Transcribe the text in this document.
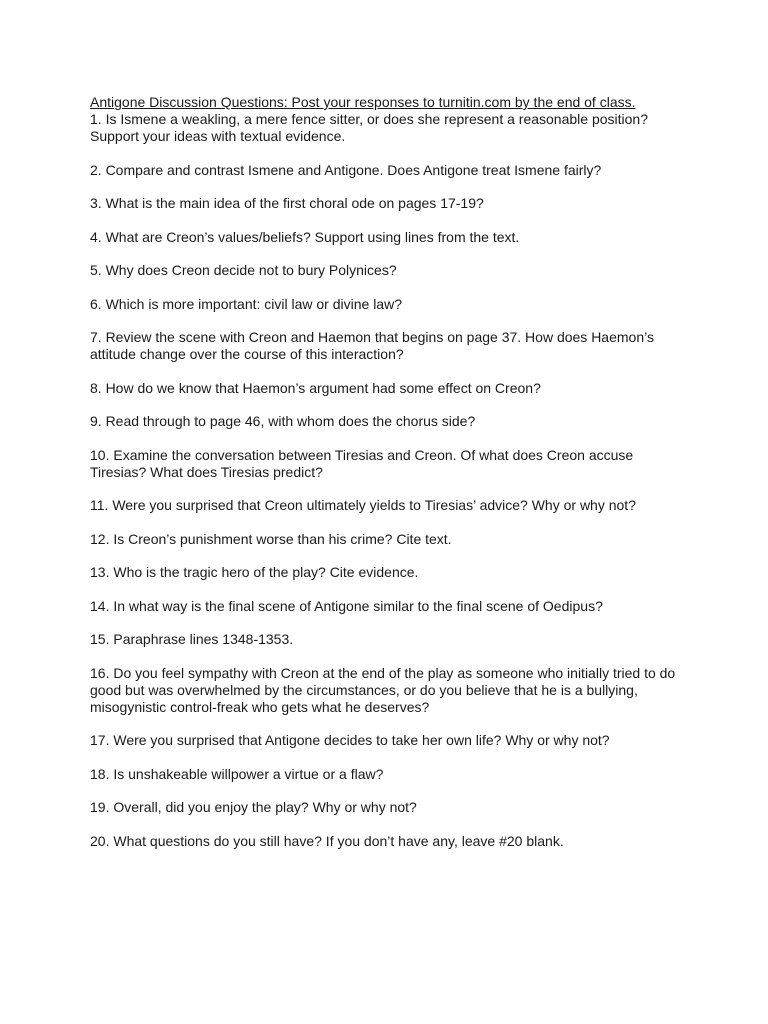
Antigone Discussion Questions: Post your responses to turnitin.com by the end of class.
1. Is Ismene a weakling, a mere fence sitter, or does she represent a reasonable position? Support your ideas with textual evidence.
2. Compare and contrast Ismene and Antigone. Does Antigone treat Ismene fairly?
3. What is the main idea of the first choral ode on pages 17-19?
4. What are Creon’s values/beliefs? Support using lines from the text.
5. Why does Creon decide not to bury Polynices?
6. Which is more important: civil law or divine law?
7. Review the scene with Creon and Haemon that begins on page 37. How does Haemon’s attitude change over the course of this interaction?
8. How do we know that Haemon’s argument had some effect on Creon?
9. Read through to page 46, with whom does the chorus side?
10. Examine the conversation between Tiresias and Creon. Of what does Creon accuse Tiresias? What does Tiresias predict?
11. Were you surprised that Creon ultimately yields to Tiresias’ advice? Why or why not?
12. Is Creon’s punishment worse than his crime? Cite text.
13. Who is the tragic hero of the play? Cite evidence.
14. In what way is the final scene of Antigone similar to the final scene of Oedipus?
15. Paraphrase lines 1348-1353.
16. Do you feel sympathy with Creon at the end of the play as someone who initially tried to do good but was overwhelmed by the circumstances, or do you believe that he is a bullying, misogynistic control-freak who gets what he deserves?
17. Were you surprised that Antigone decides to take her own life? Why or why not?
18. Is unshakeable willpower a virtue or a flaw?
19. Overall, did you enjoy the play? Why or why not?
20. What questions do you still have? If you don’t have any, leave #20 blank.
